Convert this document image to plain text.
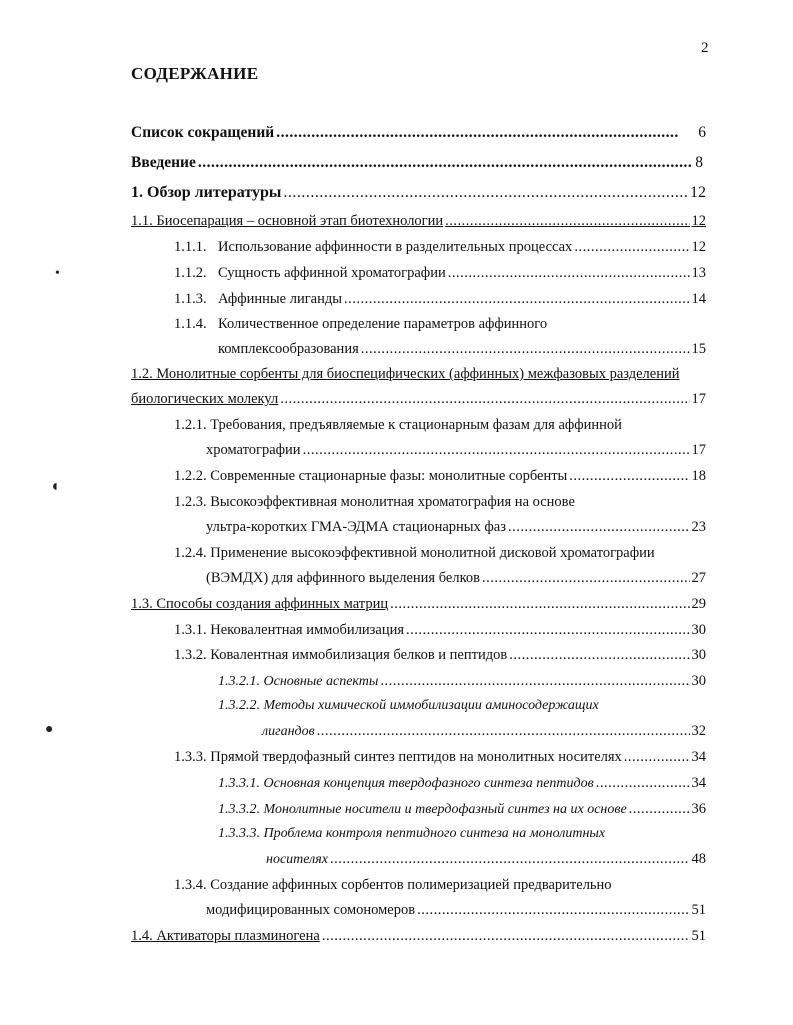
2
СОДЕРЖАНИЕ
Список сокращений .....	6
Введение .....	8
1. Обзор литературы .....	12
1.1. Биосепарация – основной этап биотехнологии .....	12
1.1.1. Использование аффинности в разделительных процессах .....	12
1.1.2. Сущность аффинной хроматографии .....	13
1.1.3. Аффинные лиганды .....	14
1.1.4. Количественное определение параметров аффинного
комплексообразования .....	15
1.2. Монолитные сорбенты для биоспецифических (аффинных) межфазовых разделений
биологических молекул .....	17
1.2.1. Требования, предъявляемые к стационарным фазам для аффинной
хроматографии .....	17
1.2.2. Современные стационарные фазы: монолитные сорбенты .....	18
1.2.3. Высокоэффективная монолитная хроматография на основе
ультра-коротких ГМА-ЭДМА стационарных фаз .....	23
1.2.4. Применение высокоэффективной монолитной дисковой хроматографии
(ВЭМДХ) для аффинного выделения белков .....	27
1.3. Способы создания аффинных матриц .....	29
1.3.1. Нековалентная иммобилизация .....	30
1.3.2. Ковалентная иммобилизация белков и пептидов .....	30
1.3.2.1. Основные аспекты .....	30
1.3.2.2. Методы химической иммобилизации аминосодержащих
лигандов .....	32
1.3.3. Прямой твердофазный синтез пептидов на монолитных носителях .....	34
1.3.3.1. Основная концепция твердофазного синтеза пептидов .....	34
1.3.3.2. Монолитные носители и твердофазный синтез на их основе .....	36
1.3.3.3. Проблема контроля пептидного синтеза на монолитных
носителях .....	48
1.3.4. Создание аффинных сорбентов полимеризацией предварительно
модифицированных сомономеров .....	51
1.4. Активаторы плазминогена .....	51
•
◖
●
